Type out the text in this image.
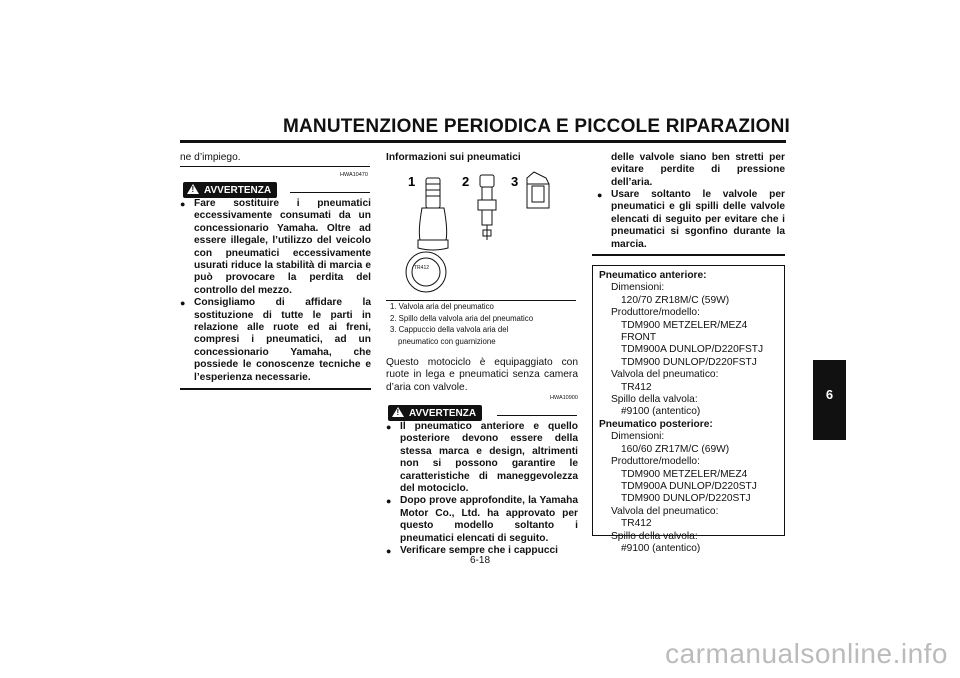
MANUTENZIONE PERIODICA E PICCOLE RIPARAZIONI
ne d’impiego.
HWA10470
! AVVERTENZA
● Fare sostituire i pneumatici eccessivamente consumati da un concessionario Yamaha. Oltre ad essere illegale, l’utilizzo del veicolo con pneumatici eccessivamente usurati riduce la stabilità di marcia e può provocare la perdita del controllo del mezzo.
● Consigliamo di affidare la sostituzione di tutte le parti in relazione alle ruote ed ai freni, compresi i pneumatici, ad un concessionario Yamaha, che possiede le conoscenze tecniche e l’esperienza necessarie.
Informazioni sui pneumatici
1	2	3
TR412
1. Valvola aria del pneumatico
2. Spillo della valvola aria del pneumatico
3. Cappuccio della valvola aria del
pneumatico con guarnizione
Questo motociclo è equipaggiato con ruote in lega e pneumatici senza camera d’aria con valvole.
HWA10900
! AVVERTENZA
● Il pneumatico anteriore e quello posteriore devono essere della stessa marca e design, altrimenti non si possono garantire le caratteristiche di maneggevolezza del motociclo.
● Dopo prove approfondite, la Yamaha Motor Co., Ltd. ha approvato per questo modello soltanto i pneumatici elencati di seguito.
● Verificare sempre che i cappucci
delle valvole siano ben stretti per evitare perdite di pressione dell’aria.
● Usare soltanto le valvole per pneumatici e gli spilli delle valvole elencati di seguito per evitare che i pneumatici si sgonfino durante la marcia.
Pneumatico anteriore:
Dimensioni:
120/70 ZR18M/C (59W)
Produttore/modello:
TDM900 METZELER/MEZ4
FRONT
TDM900A DUNLOP/D220FSTJ
TDM900 DUNLOP/D220FSTJ
Valvola del pneumatico:
TR412
Spillo della valvola:
#9100 (antentico)
Pneumatico posteriore:
Dimensioni:
160/60 ZR17M/C (69W)
Produttore/modello:
TDM900 METZELER/MEZ4
TDM900A DUNLOP/D220STJ
TDM900 DUNLOP/D220STJ
Valvola del pneumatico:
TR412
Spillo della valvola:
#9100 (antentico)
6
6-18
carmanualsonline.info
